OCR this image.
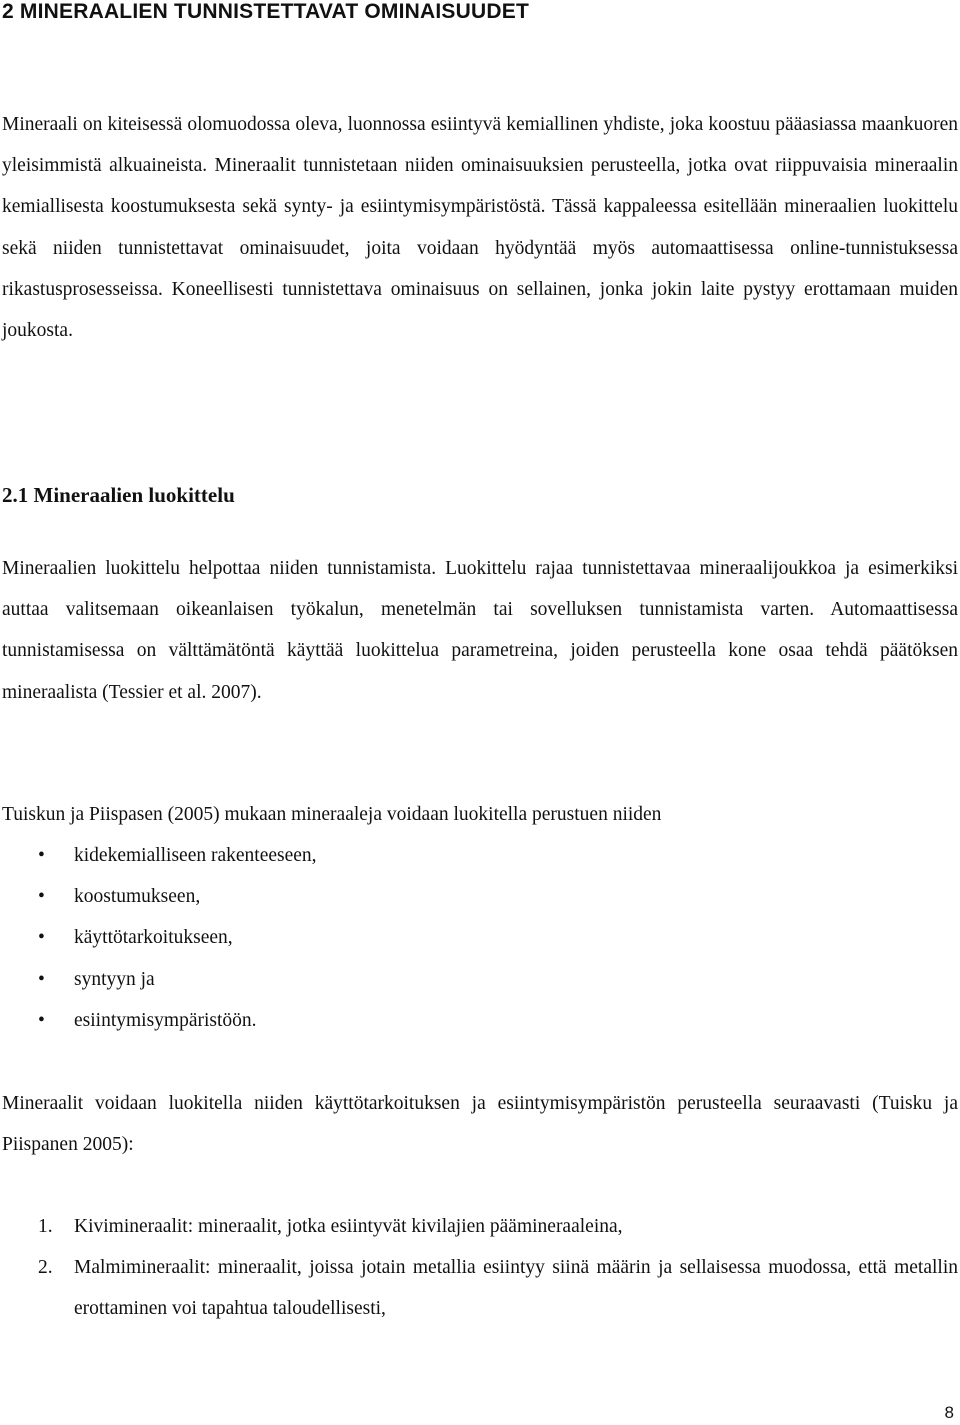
2 MINERAALIEN TUNNISTETTAVAT OMINAISUUDET

Mineraali on kiteisessä olomuodossa oleva, luonnossa esiintyvä kemiallinen yhdiste, joka koostuu pääasiassa maankuoren yleisimmistä alkuaineista. Mineraalit tunnistetaan niiden ominaisuuksien perusteella, jotka ovat riippuvaisia mineraalin kemiallisesta koostumuksesta sekä synty- ja esiintymisympäristöstä. Tässä kappaleessa esitellään mineraalien luokittelu sekä niiden tunnistettavat ominaisuudet, joita voidaan hyödyntää myös automaattisessa online-tunnistuksessa rikastusprosesseissa. Koneellisesti tunnistettava ominaisuus on sellainen, jonka jokin laite pystyy erottamaan muiden joukosta.

2.1 Mineraalien luokittelu

Mineraalien luokittelu helpottaa niiden tunnistamista. Luokittelu rajaa tunnistettavaa mineraalijoukkoa ja esimerkiksi auttaa valitsemaan oikeanlaisen työkalun, menetelmän tai sovelluksen tunnistamista varten. Automaattisessa tunnistamisessa on välttämätöntä käyttää luokittelua parametreina, joiden perusteella kone osaa tehdä päätöksen mineraalista (Tessier et al. 2007).

Tuiskun ja Piispasen (2005) mukaan mineraaleja voidaan luokitella perustuen niiden

• kidekemialliseen rakenteeseen,
• koostumukseen,
• käyttötarkoitukseen,
• syntyyn ja
• esiintymisympäristöön.

Mineraalit voidaan luokitella niiden käyttötarkoituksen ja esiintymisympäristön perusteella seuraavasti (Tuisku ja Piispanen 2005):

1. Kivimineraalit: mineraalit, jotka esiintyvät kivilajien päämineraaleina,
2. Malmimineraalit: mineraalit, joissa jotain metallia esiintyy siinä määrin ja sellaisessa muodossa, että metallin erottaminen voi tapahtua taloudellisesti,
8
